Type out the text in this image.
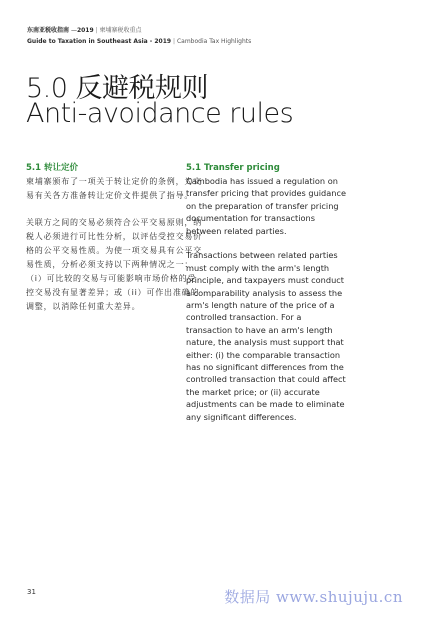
东南亚税收指南 —2019 | 柬埔寨税收重点
Guide to Taxation in Southeast Asia - 2019 | Cambodia Tax Highlights
5.0 反避税规则
Anti-avoidance rules
5.1 转让定价

柬埔寨颁布了一项关于转让定价的条例，为交易有关各方准备转让定价文件提供了指导。

关联方之间的交易必须符合公平交易原则，纳税人必须进行可比性分析，以评估受控交易价格的公平交易性质。为使一项交易具有公平交易性质，分析必须支持以下两种情况之一：（i）可比较的交易与可能影响市场价格的受控交易没有显著差异；或（ii）可作出准确的调整，以消除任何重大差异。

5.1 Transfer pricing

Cambodia has issued a regulation on transfer pricing that provides guidance on the preparation of transfer pricing documentation for transactions between related parties.

Transactions between related parties must comply with the arm's length principle, and taxpayers must conduct a comparability analysis to assess the arm's length nature of the price of a controlled transaction. For a transaction to have an arm's length nature, the analysis must support that either: (i) the comparable transaction has no significant differences from the controlled transaction that could affect the market price; or (ii) accurate adjustments can be made to eliminate any significant differences.

31	数据局 www.shujuju.cn
